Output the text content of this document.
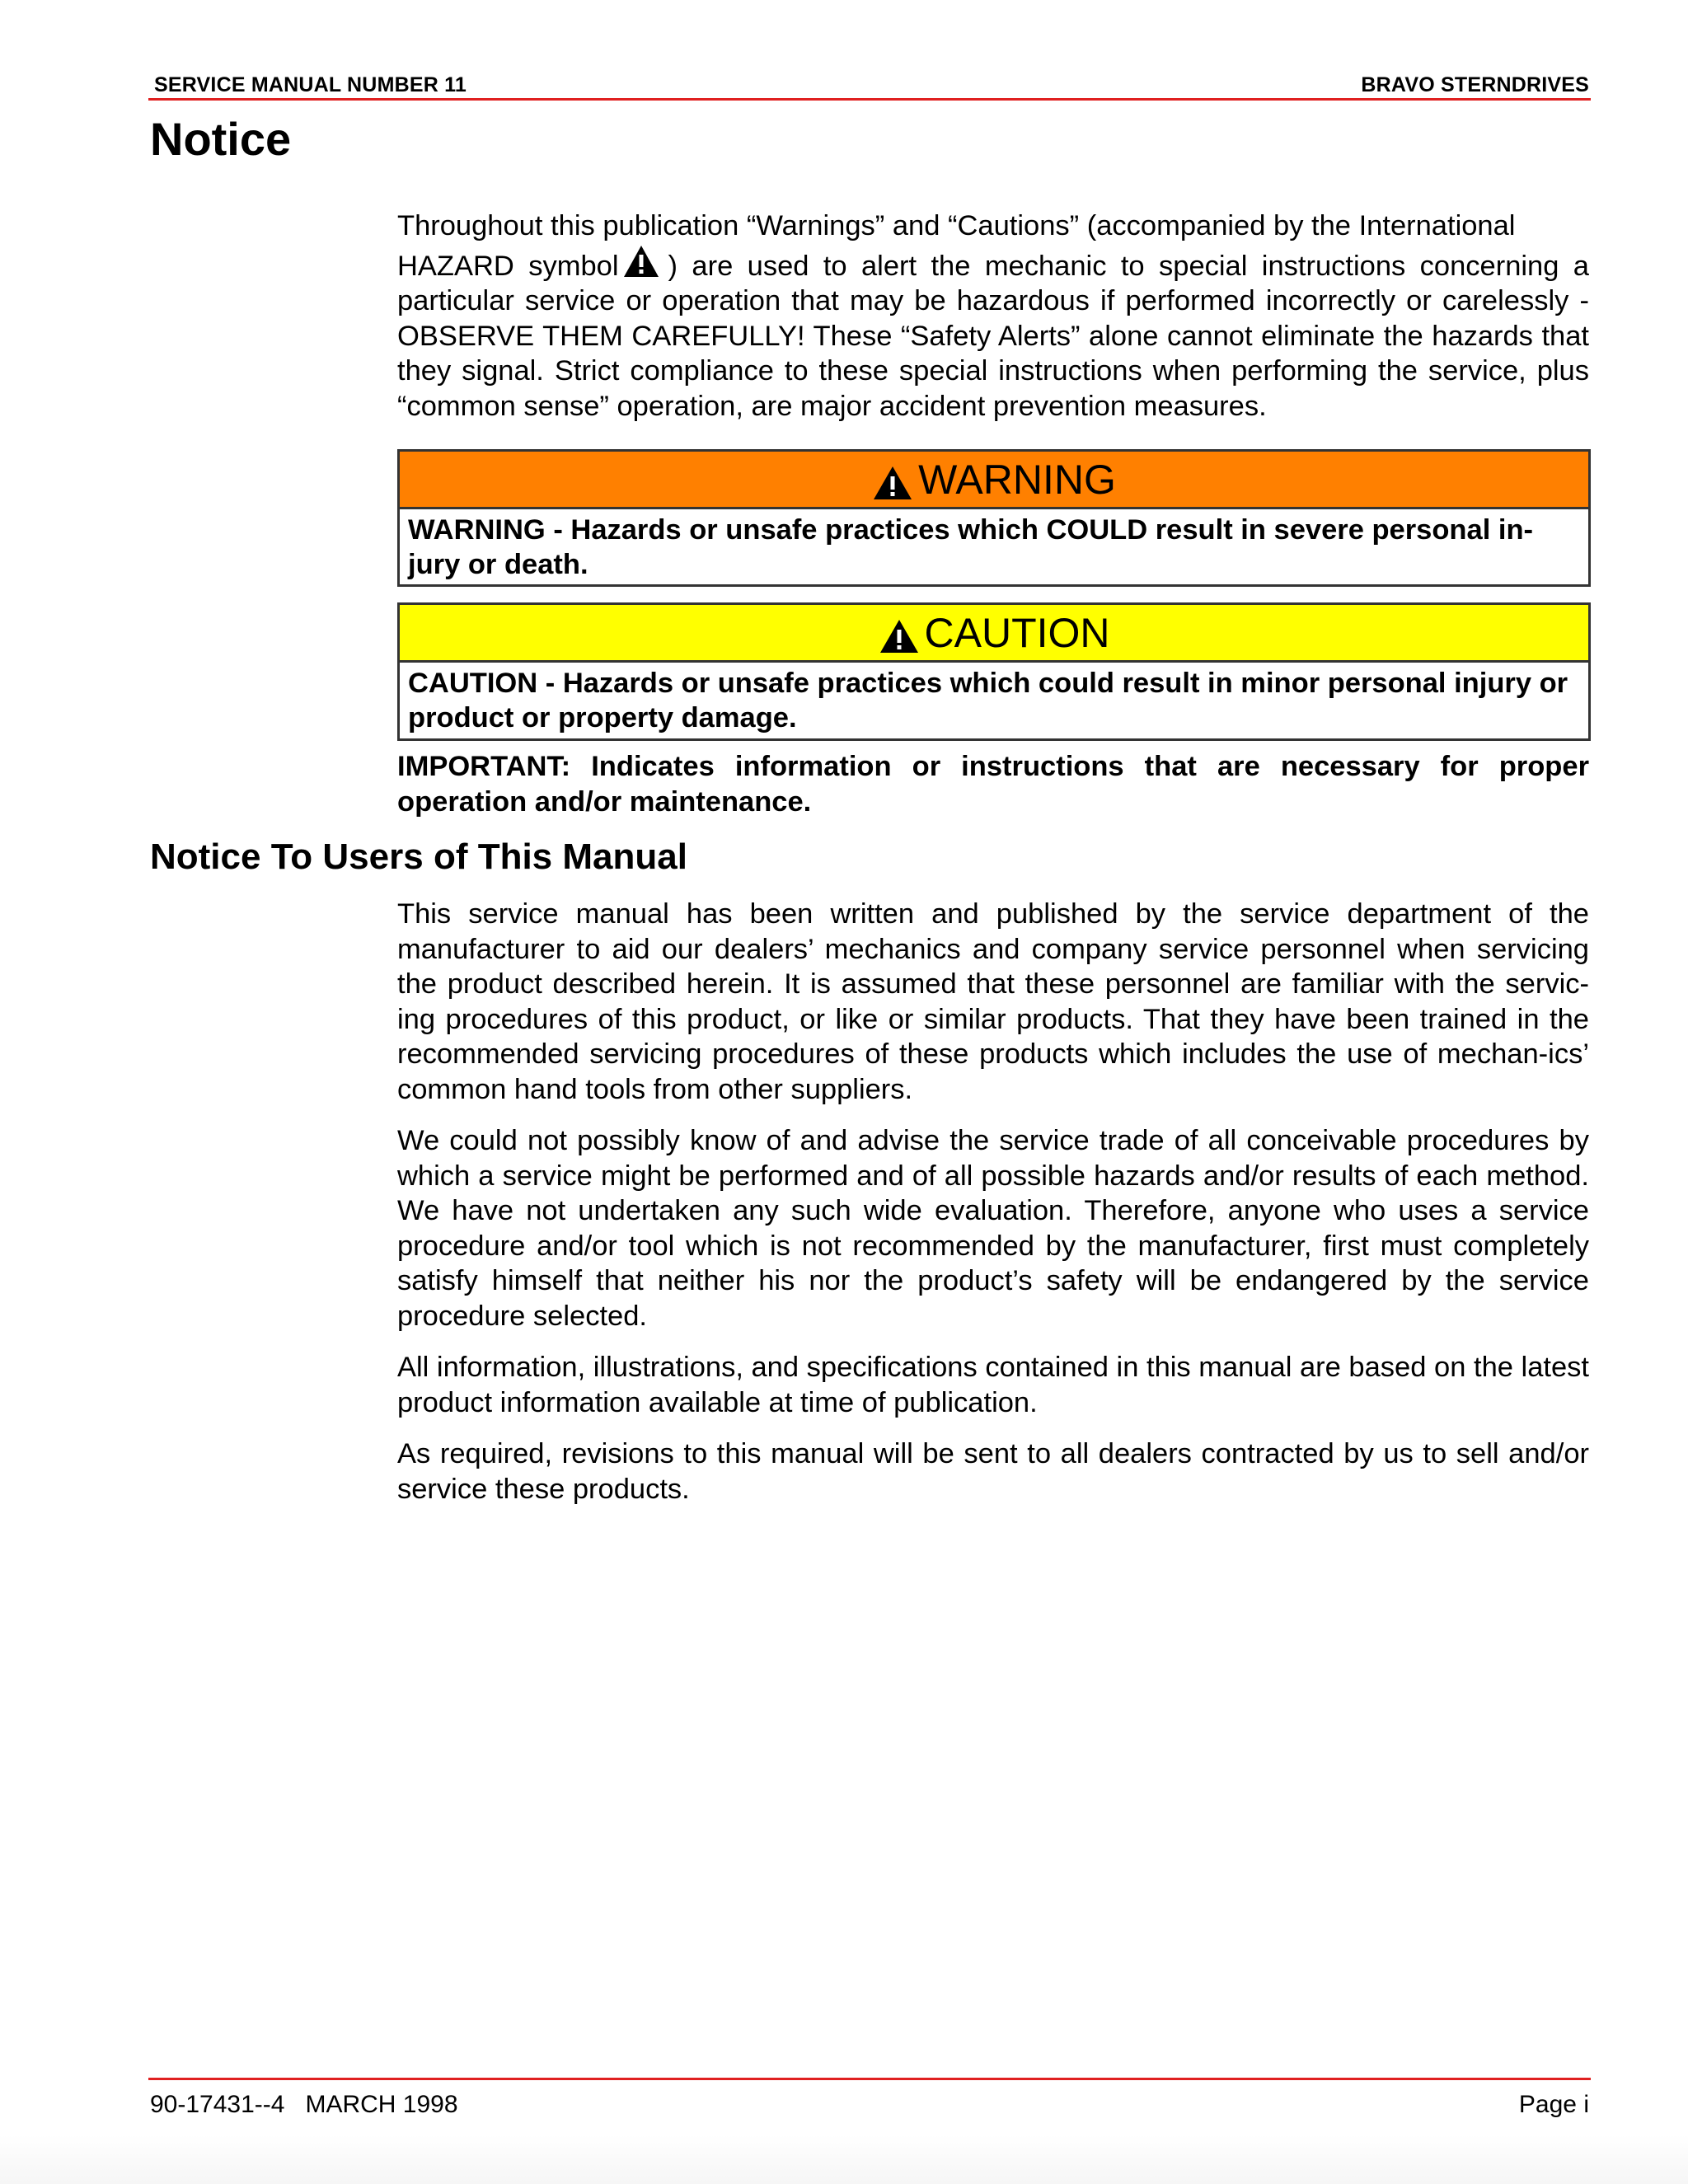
SERVICE MANUAL NUMBER 11	BRAVO STERNDRIVES
Notice

Throughout this publication “Warnings” and “Cautions” (accompanied by the International
HAZARD symbol ) are used to alert the mechanic to special instructions concerning a particular service or operation that may be hazardous if performed incorrectly or carelessly - OBSERVE THEM CAREFULLY! These “Safety Alerts” alone cannot eliminate the hazards that they signal. Strict compliance to these special instructions when performing the service, plus “common sense” operation, are major accident prevention measures.

WARNING
WARNING - Hazards or unsafe practices which COULD result in severe personal in-jury or death.
CAUTION
CAUTION - Hazards or unsafe practices which could result in minor personal injury or product or property damage.

IMPORTANT: Indicates information or instructions that are necessary for proper operation and/or maintenance.

Notice To Users of This Manual

This service manual has been written and published by the service department of the manufacturer to aid our dealers’ mechanics and company service personnel when servicing the product described herein. It is assumed that these personnel are familiar with the servic-ing procedures of this product, or like or similar products. That they have been trained in the recommended servicing procedures of these products which includes the use of mechan-ics’ common hand tools from other suppliers.

We could not possibly know of and advise the service trade of all conceivable procedures by which a service might be performed and of all possible hazards and/or results of each method. We have not undertaken any such wide evaluation. Therefore, anyone who uses a service procedure and/or tool which is not recommended by the manufacturer, first must completely satisfy himself that neither his nor the product’s safety will be endangered by the service procedure selected.

All information, illustrations, and specifications contained in this manual are based on the latest product information available at time of publication.

As required, revisions to this manual will be sent to all dealers contracted by us to sell and/or service these products.

90-17431--4 MARCH 1998	Page i
